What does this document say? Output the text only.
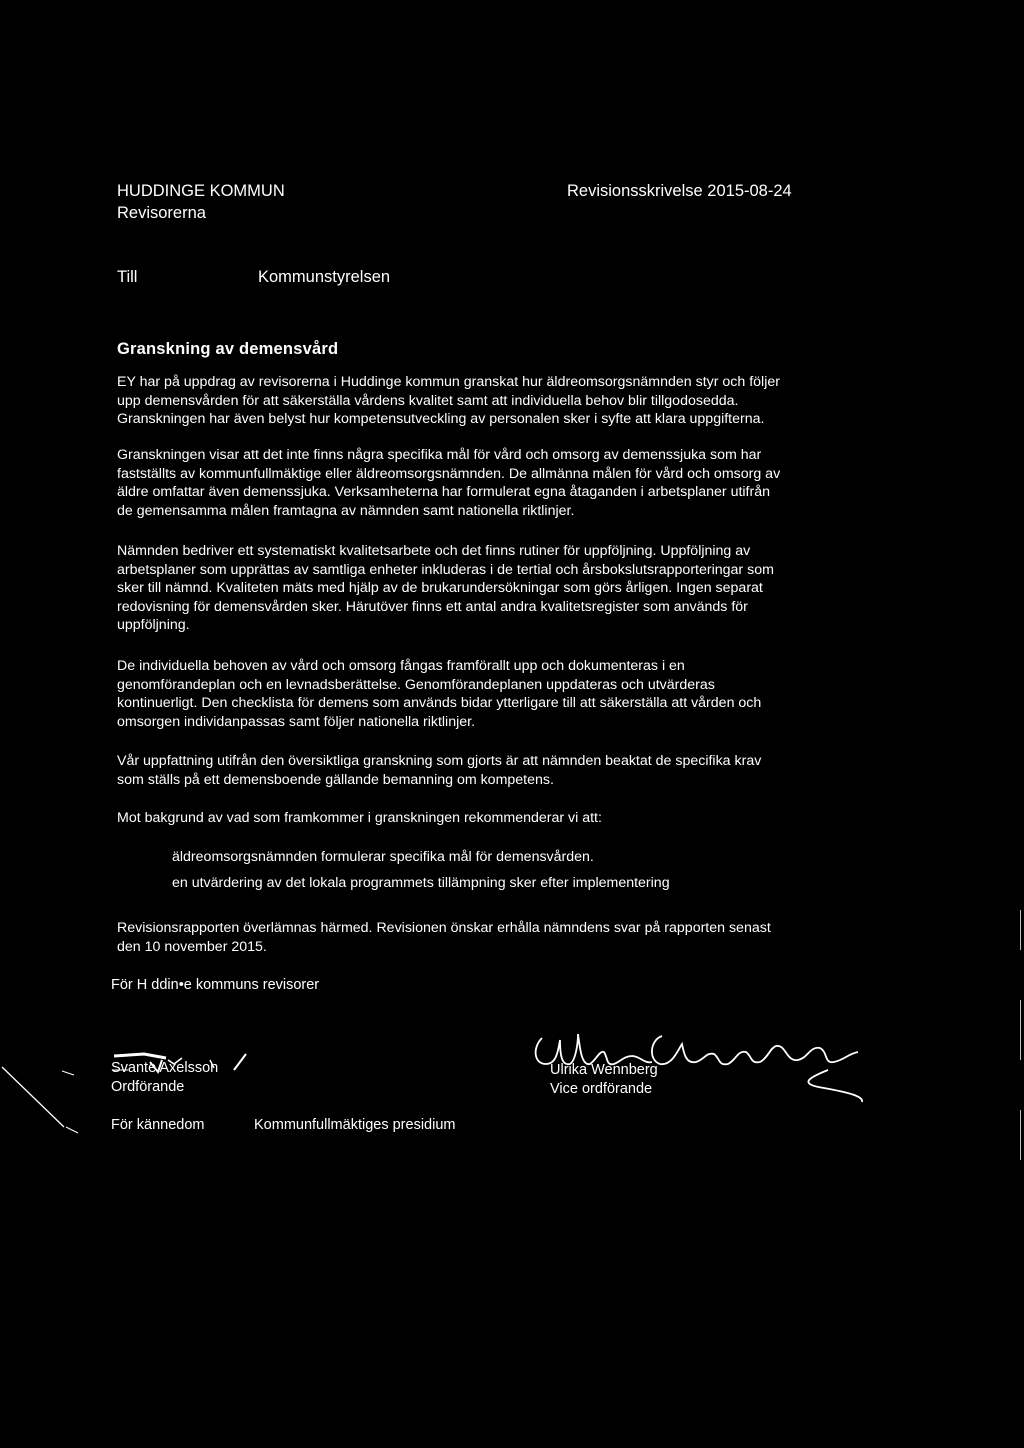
HUDDINGE KOMMUN
Revisorerna
Revisionsskrivelse 2015-08-24
Till	Kommunstyrelsen
Granskning av demensvård
EY har på uppdrag av revisorerna i Huddinge kommun granskat hur äldreomsorgsnämnden styr och följer
upp demensvården för att säkerställa vårdens kvalitet samt att individuella behov blir tillgodosedda.
Granskningen har även belyst hur kompetensutveckling av personalen sker i syfte att klara uppgifterna.
Granskningen visar att det inte finns några specifika mål för vård och omsorg av demenssjuka som har
fastställts av kommunfullmäktige eller äldreomsorgsnämnden. De allmänna målen för vård och omsorg av
äldre omfattar även demenssjuka. Verksamheterna har formulerat egna åtaganden i arbetsplaner utifrån
de gemensamma målen framtagna av nämnden samt nationella riktlinjer.
Nämnden bedriver ett systematiskt kvalitetsarbete och det finns rutiner för uppföljning. Uppföljning av
arbetsplaner som upprättas av samtliga enheter inkluderas i de tertial och årsbokslutsrapporteringar som
sker till nämnd. Kvaliteten mäts med hjälp av de brukarundersökningar som görs årligen. Ingen separat
redovisning för demensvården sker. Härutöver finns ett antal andra kvalitetsregister som används för
uppföljning.
De individuella behoven av vård och omsorg fångas framförallt upp och dokumenteras i en
genomförandeplan och en levnadsberättelse. Genomförandeplanen uppdateras och utvärderas
kontinuerligt. Den checklista för demens som används bidar ytterligare till att säkerställa att vården och
omsorgen individanpassas samt följer nationella riktlinjer.
Vår uppfattning utifrån den översiktliga granskning som gjorts är att nämnden beaktat de specifika krav
som ställs på ett demensboende gällande bemanning om kompetens.
Mot bakgrund av vad som framkommer i granskningen rekommenderar vi att:
äldreomsorgsnämnden formulerar specifika mål för demensvården.
en utvärdering av det lokala programmets tillämpning sker efter implementering
Revisionsrapporten överlämnas härmed. Revisionen önskar erhålla nämndens svar på rapporten senast
den 10 november 2015.
För H ddin•e kommuns revisorer
Svante Axelsson
Ordförande
Ulrika Wennberg
Vice ordförande
För kännedom	Kommunfullmäktiges presidium
